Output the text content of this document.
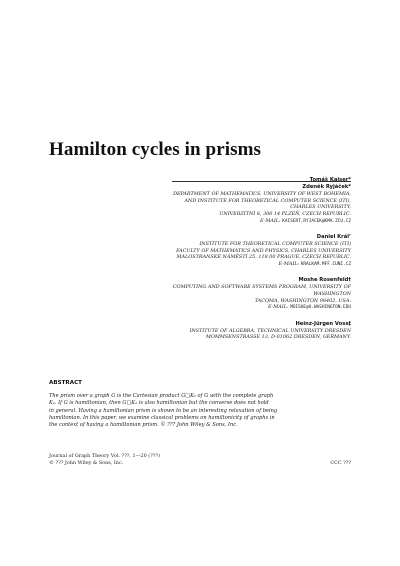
Hamilton cycles in prisms
Tomáš Kaiser*
Zdeněk Ryjáček*
DEPARTMENT OF MATHEMATICS, UNIVERSITY OF WEST BOHEMIA,
AND INSTITUTE FOR THEORETICAL COMPUTER SCIENCE (ITI),
CHARLES UNIVERSITY,
UNIVERZITNÍ 8, 306 14 PLZEŇ, CZECH REPUBLIC.
E-MAIL: KAISERT,RYJACEK@KMA.ZCU.CZ
Daniel Král’
INSTITUTE FOR THEORETICAL COMPUTER SCIENCE (ITI)
FACULTY OF MATHEMATICS AND PHYSICS, CHARLES UNIVERSITY
MALOSTRANSKÉ NÁMĚSTÍ 25, 118 00 PRAGUE, CZECH REPUBLIC.
E-MAIL: KRALKAM.MFF.CUNI.CZ
Moshe Rosenfeld†
COMPUTING AND SOFTWARE SYSTEMS PROGRAM, UNIVERSITY OF
WASHINGTON
TACOMA, WASHINGTON 98402, USA.
E-MAIL: MOISHE@U.WASHINGTON.EDU
Heinz-Jürgen Voss‡
INSTITUTE OF ALGEBRA, TECHNICAL UNIVERSITY DRESDEN
MOMMSENSTRASSE 13, D-01062 DRESDEN, GERMANY.
ABSTRACT
The prism over a graph G is the Cartesian product G□K₂ of G with the complete graph
K₂. If G is hamiltonian, then G□K₂ is also hamiltonian but the converse does not hold
in general. Having a hamiltonian prism is shown to be an interesting relaxation of being
hamiltonian. In this paper, we examine classical problems on hamiltonicity of graphs in
the context of having a hamiltonian prism. © ??? John Wiley & Sons, Inc.
Journal of Graph Theory Vol. ???, 1—20 (???)
© ??? John Wiley & Sons, Inc.	CCC ???
